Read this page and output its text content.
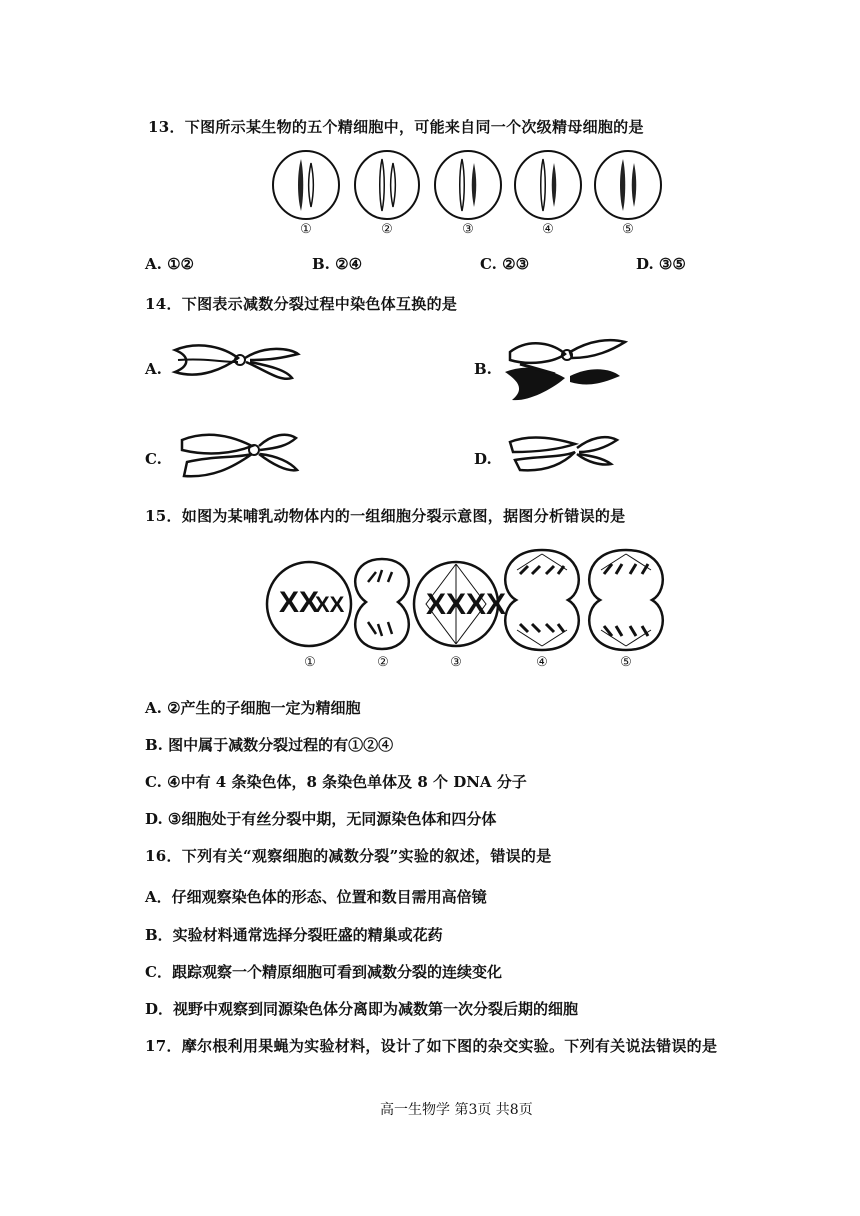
13．下图所示某生物的五个精细胞中，可能来自同一个次级精母细胞的是
①	②	③	④	⑤
A. ①②	B. ②④	C. ②③	D. ③⑤
14．下图表示减数分裂过程中染色体互换的是
A.	B.
C.	D.
15．如图为某哺乳动物体内的一组细胞分裂示意图，据图分析错误的是
XX
XX	XXXX
①	②	③	④	⑤
A. ②产生的子细胞一定为精细胞
B. 图中属于减数分裂过程的有①②④
C. ④中有 4 条染色体，8 条染色单体及 8 个 DNA 分子
D. ③细胞处于有丝分裂中期，无同源染色体和四分体
16．下列有关“观察细胞的减数分裂”实验的叙述，错误的是
A．仔细观察染色体的形态、位置和数目需用高倍镜
B．实验材料通常选择分裂旺盛的精巢或花药
C．跟踪观察一个精原细胞可看到减数分裂的连续变化
D．视野中观察到同源染色体分离即为减数第一次分裂后期的细胞
17．摩尔根利用果蝇为实验材料，设计了如下图的杂交实验。下列有关说法错误的是
高一生物学 第3页 共8页
